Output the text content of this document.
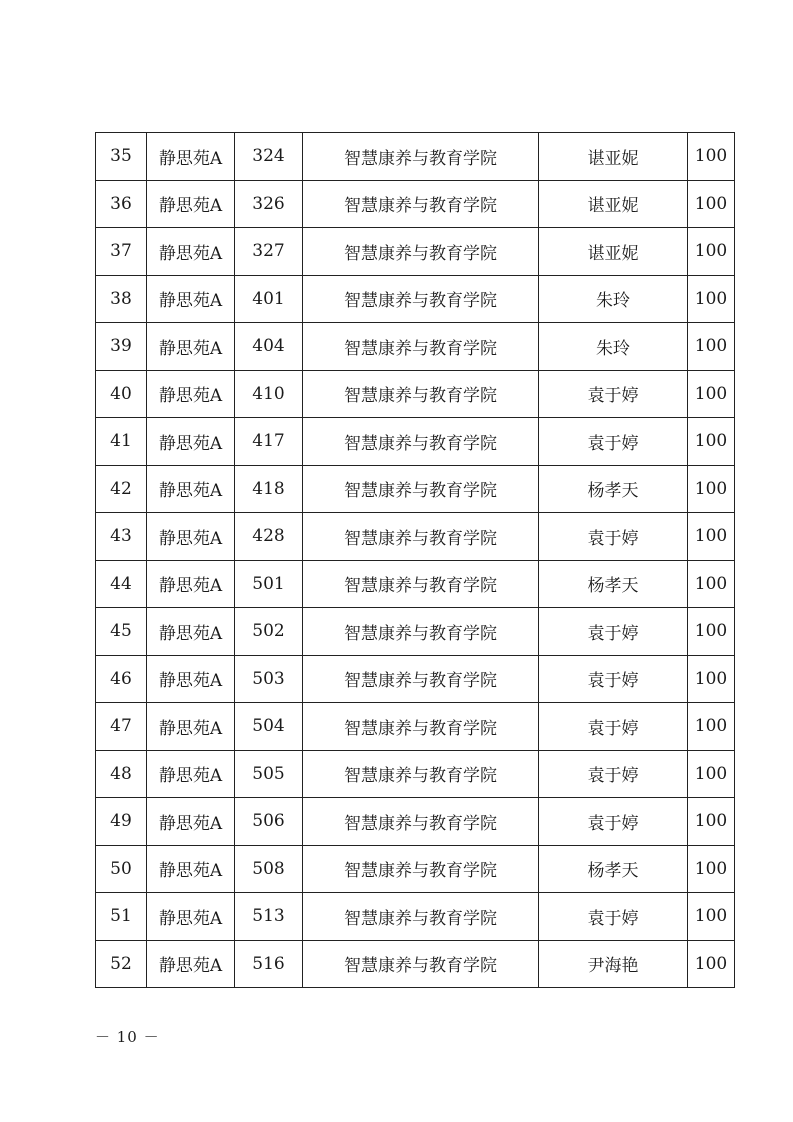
35	静思苑A	324	智慧康养与教育学院	谌亚妮	100
36	静思苑A	326	智慧康养与教育学院	谌亚妮	100
37	静思苑A	327	智慧康养与教育学院	谌亚妮	100
38	静思苑A	401	智慧康养与教育学院	朱玲	100
39	静思苑A	404	智慧康养与教育学院	朱玲	100
40	静思苑A	410	智慧康养与教育学院	袁于婷	100
41	静思苑A	417	智慧康养与教育学院	袁于婷	100
42	静思苑A	418	智慧康养与教育学院	杨孝天	100
43	静思苑A	428	智慧康养与教育学院	袁于婷	100
44	静思苑A	501	智慧康养与教育学院	杨孝天	100
45	静思苑A	502	智慧康养与教育学院	袁于婷	100
46	静思苑A	503	智慧康养与教育学院	袁于婷	100
47	静思苑A	504	智慧康养与教育学院	袁于婷	100
48	静思苑A	505	智慧康养与教育学院	袁于婷	100
49	静思苑A	506	智慧康养与教育学院	袁于婷	100
50	静思苑A	508	智慧康养与教育学院	杨孝天	100
51	静思苑A	513	智慧康养与教育学院	袁于婷	100
52	静思苑A	516	智慧康养与教育学院	尹海艳	100
－ 10 －
